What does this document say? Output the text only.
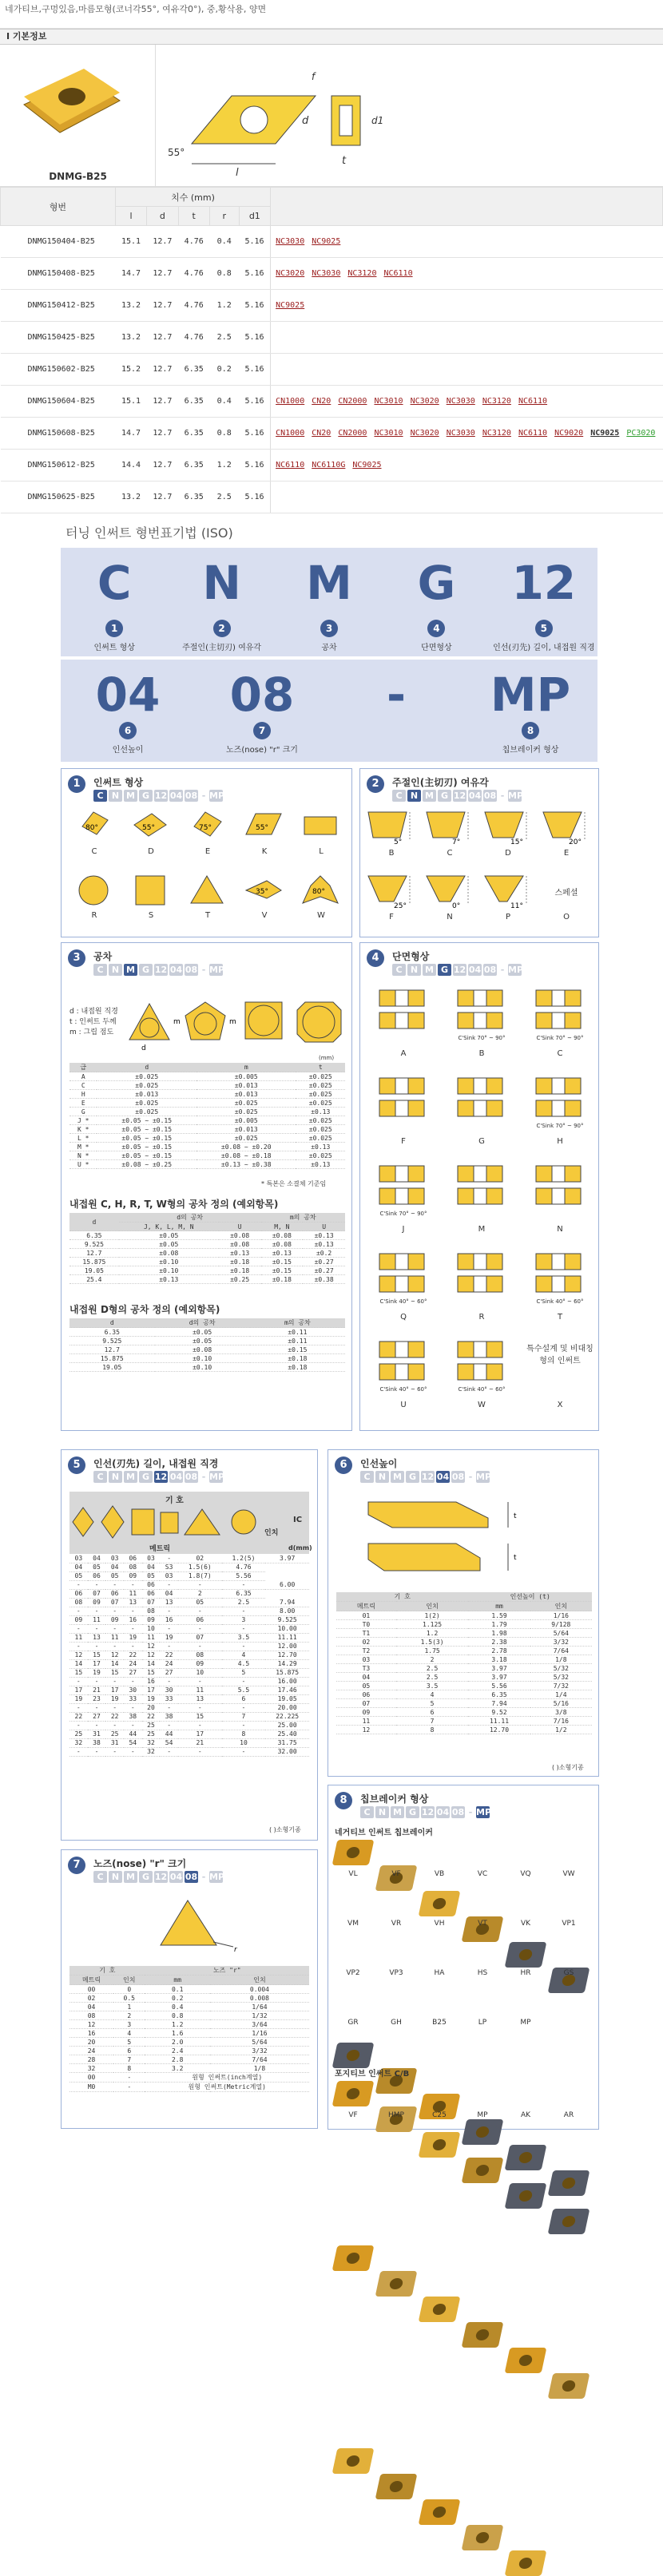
네가티브,구멍있음,마름모형(코너각55°, 여유각0°), 중,황삭용, 양면
I 기본정보
DNMG-B25	l
55°
f
d	d1
t
형번	치수 (mm)					
	l	d	t	r	d1	
DNMG150404-B25	15.1	12.7	4.76	0.4	5.16	NC3030 NC9025
DNMG150408-B25	14.7	12.7	4.76	0.8	5.16	NC3020 NC3030 NC3120 NC6110
DNMG150412-B25	13.2	12.7	4.76	1.2	5.16	NC9025
DNMG150425-B25	13.2	12.7	4.76	2.5	5.16	
DNMG150602-B25	15.2	12.7	6.35	0.2	5.16	
DNMG150604-B25	15.1	12.7	6.35	0.4	5.16	CN1000 CN20 CN2000 NC3010 NC3020 NC3030 NC3120 NC6110
DNMG150608-B25	14.7	12.7	6.35	0.8	5.16	CN1000 CN20 CN2000 NC3010 NC3020 NC3030 NC3120 NC6110 NC9020 NC9025 PC3020
DNMG150612-B25	14.4	12.7	6.35	1.2	5.16	NC6110 NC6110G NC9025
DNMG150625-B25	13.2	12.7	6.35	2.5	5.16	
터닝 인써트 형번표기법 (ISO)
C
1
인써트 형상
N
2
주절인(主切刃) 여유각
M
3
공차
G
4
단면형상
12
5
인선(刃先) 길이, 내접원 직경
04
6
인선높이
08
7
노즈(nose) "r" 크기
-	MP
8
칩브레이커 형상
1	인써트 형상
C N M G 12 04 08 - MP
80°
C
55°
D
75°
E
55°
K	L
R	S	T
35°
V
80°
W
2	주절인(主切刃) 여유각
C N M G 12 04 08 - MP
5°
B
7°
C
15°
D
20°
E
25°
F
0°
N
11°
P
스페셜
O
3	공차
C N M G 12 04 08 - MP
d : 내접원 직경
t : 인써트 두께
m : 그립 점도
d
m	m
(mm)
급	d	m	t
A	±0.025	±0.005	±0.025
C	±0.025	±0.013	±0.025
H	±0.013	±0.013	±0.025
E	±0.025	±0.025	±0.025
G	±0.025	±0.025	±0.13
J *	±0.05 ~ ±0.15	±0.005	±0.025
K *	±0.05 ~ ±0.15	±0.013	±0.025
L *	±0.05 ~ ±0.15	±0.025	±0.025
M *	±0.05 ~ ±0.15	±0.08 ~ ±0.20	±0.13
N *	±0.05 ~ ±0.15	±0.08 ~ ±0.18	±0.025
U *	±0.08 ~ ±0.25	±0.13 ~ ±0.38	±0.13
* 특본은 소결체 기준임
내접원 C, H, R, T, W형의 공차 정의 (예외항목)
d	d의 공차		m의 공차	
	J, K, L, M, N	U	M, N	U
6.35	±0.05	±0.08	±0.08	±0.13
9.525	±0.05	±0.08	±0.08	±0.13
12.7	±0.08	±0.13	±0.13	±0.2
15.875	±0.10	±0.18	±0.15	±0.27
19.05	±0.10	±0.18	±0.15	±0.27
25.4	±0.13	±0.25	±0.18	±0.38
내접원 D형의 공차 정의 (예외항목)
d	d의 공차	m의 공차
6.35	±0.05	±0.11
9.525	±0.05	±0.11
12.7	±0.08	±0.15
15.875	±0.10	±0.18
19.05	±0.10	±0.18
4	단면형상
C N M G 12 04 08 - MP
A
C'Sink 70° ~ 90°
B
C'Sink 70° ~ 90°
C
F	G
C'Sink 70° ~ 90°
H
C'Sink 70° ~ 90°
J	M	N
C'Sink 40° ~ 60°
Q	R
C'Sink 40° ~ 60°
T
C'Sink 40° ~ 60°
U
C'Sink 40° ~ 60°
W
특수설계 및 비대칭형의 인써트
X
5	인선(刃先) 길이, 내접원 직경
C N M G 12 04 08 - MP
기 호
IC
인치
메트릭	d(mm)
03	04	03	06	03	-	02	1.2(5)	3.97
04	05	04	08	04	S3	1.5(6)	4.76	
05	06	05	09	05	03	1.8(7)	5.56	
-	-	-	-	06	-	-	-	6.00
06	07	06	11	06	04	2	6.35	
08	09	07	13	07	13	05	2.5	7.94
-	-	-	-	08	-	-	-	8.00
09	11	09	16	09	16	06	3	9.525
-	-	-	-	10	-	-	-	10.00
11	13	11	19	11	19	07	3.5	11.11
-	-	-	-	12	-	-	-	12.00
12	15	12	22	12	22	08	4	12.70
14	17	14	24	14	24	09	4.5	14.29
15	19	15	27	15	27	10	5	15.875
-	-	-	-	16	-	-	-	16.00
17	21	17	30	17	30	11	5.5	17.46
19	23	19	33	19	33	13	6	19.05
-	-	-	-	20	-	-	-	20.00
22	27	22	38	22	38	15	7	22.225
-	-	-	-	25	-	-	-	25.00
25	31	25	44	25	44	17	8	25.40
32	38	31	54	32	54	21	10	31.75
-	-	-	-	32	-	-	-	32.00
( )소형기종
6	인선높이
C N M G 12 04 08 - MP
t
t
기 호		인선높이 (t)	
메트릭	인치	mm	인치
01	1(2)	1.59	1/16
T0	1.125	1.79	9/128
T1	1.2	1.98	5/64
02	1.5(3)	2.38	3/32
T2	1.75	2.78	7/64
03	2	3.18	1/8
T3	2.5	3.97	5/32
04	2.5	3.97	5/32
05	3.5	5.56	7/32
06	4	6.35	1/4
07	5	7.94	5/16
09	6	9.52	3/8
11	7	11.11	7/16
12	8	12.70	1/2
( )소형기종
7	노즈(nose) "r" 크기
C N M G 12 04 08 - MP
r
기 호		노즈 "r"	
메트릭	인치	mm	인치
00	0	0.1	0.004
02	0.5	0.2	0.008
04	1	0.4	1/64
08	2	0.8	1/32
12	3	1.2	3/64
16	4	1.6	1/16
20	5	2.0	5/64
24	6	2.4	3/32
28	7	2.8	7/64
32	8	3.2	1/8
00	-	원형 인써트(inch계열)	
M0	-	원형 인써트(Metric계열)	
8	칩브레이커 형상
C N M G 12 04 08 - MP
네거티브 인써트 칩브레이커
VL	VF	VB	VC	VQ	VW
VM	VR	VH	VT	VK	VP1
VP2	VP3	HA	HS	HR	GS
GR	GH	B25	LP	MP
포지티브 인써트 C/B
VF	HMP	C25	MP	AK	AR
